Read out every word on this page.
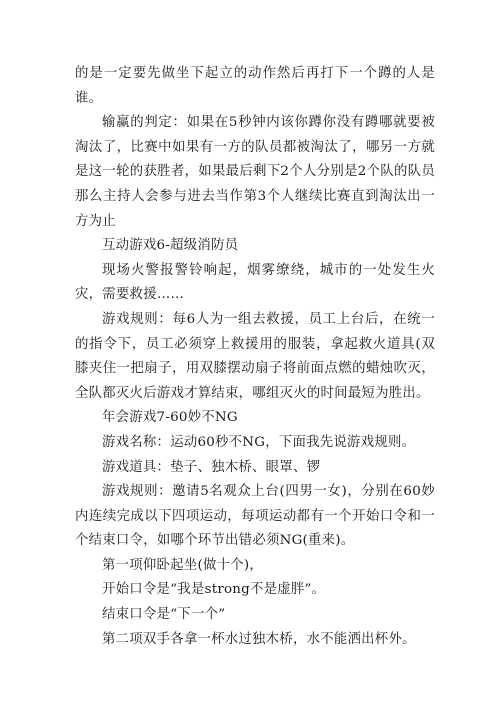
的是一定要先做坐下起立的动作然后再打下一个蹲的人是谁。

输赢的判定：如果在5秒钟内该你蹲你没有蹲哪就要被淘汰了，比赛中如果有一方的队员都被淘汰了，哪另一方就是这一轮的获胜者，如果最后剩下2个人分别是2个队的队员那么主持人会参与进去当作第3个人继续比赛直到淘汰出一方为止

互动游戏6-超级消防员

现场火警报警铃响起，烟雾缭绕，城市的一处发生火灾，需要救援……

游戏规则：每6人为一组去救援，员工上台后，在统一的指令下，员工必须穿上救援用的服装，拿起救火道具(双膝夹住一把扇子，用双膝摆动扇子将前面点燃的蜡烛吹灭，全队都灭火后游戏才算结束，哪组灭火的时间最短为胜出。

年会游戏7-60妙不NG

游戏名称：运动60秒不NG，下面我先说游戏规则。

游戏道具：垫子、独木桥、眼罩、锣

游戏规则：邀请5名观众上台(四男一女)，分别在60妙内连续完成以下四项运动，每项运动都有一个开始口令和一个结束口令，如哪个环节出错必须NG(重来)。

第一项仰卧起坐(做十个)，

开始口令是“我是strong不是虚胖”。

结束口令是“下一个”

第二项双手各拿一杯水过独木桥，水不能洒出杯外。
